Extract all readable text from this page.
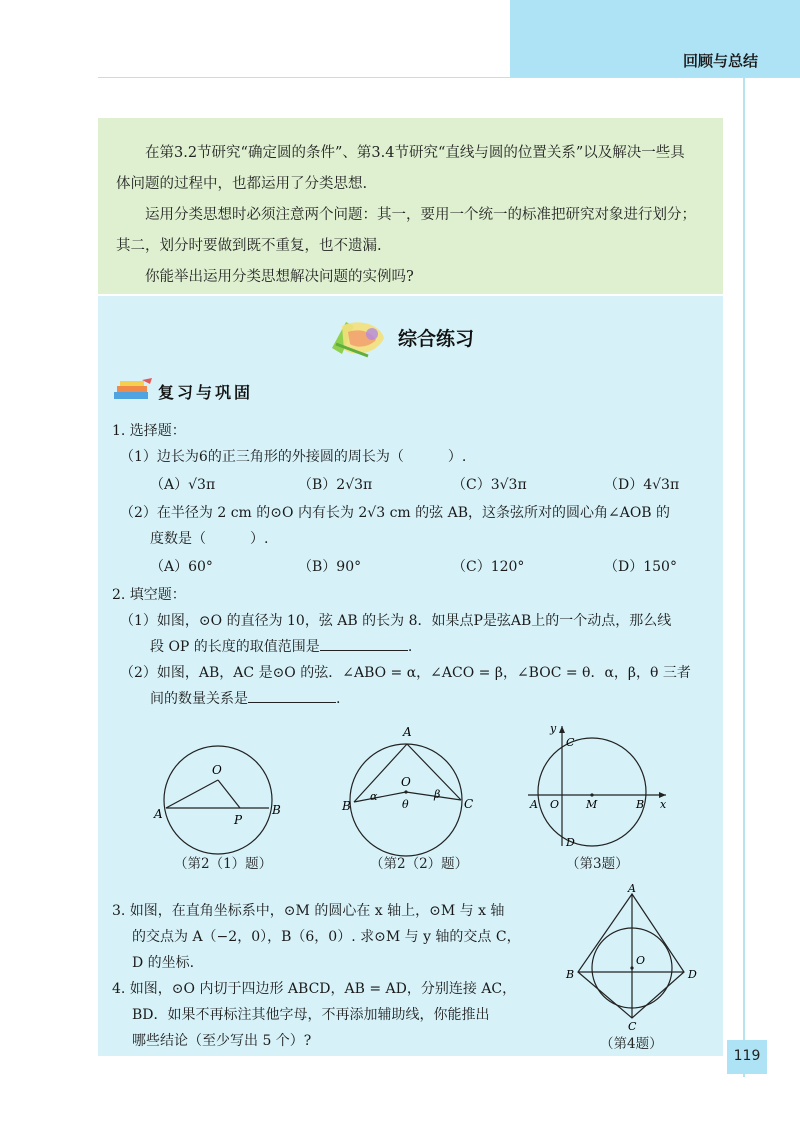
回顾与总结

在第3.2节研究“确定圆的条件”、第3.4节研究“直线与圆的位置关系”以及解决一些具体问题的过程中，也都运用了分类思想.

运用分类思想时必须注意两个问题：其一，要用一个统一的标准把研究对象进行划分；其二，划分时要做到既不重复，也不遗漏.

你能举出运用分类思想解决问题的实例吗?

综合练习
复习与巩固
1. 选择题：
（1）边长为6的正三角形的外接圆的周长为（	）.
（A）√3π	（B）2√3π	（C）3√3π	（D）4√3π
（2）在半径为 2 cm 的⊙O 内有长为 2√3 cm 的弦 AB，这条弦所对的圆心角∠AOB 的
度数是（	）.
（A）60°	（B）90°	（C）120°	（D）150°
2. 填空题：
（1）如图，⊙O 的直径为 10，弦 AB 的长为 8．如果点P是弦AB上的一个动点，那么线
段 OP 的长度的取值范围是	.
（2）如图，AB，AC 是⊙O 的弦．∠ABO = α，∠ACO = β，∠BOC = θ．α，β，θ 三者
间的数量关系是	.
O
A	B
P
（第2（1）题）
A
B	C
O
α	β
θ
（第2（2）题）
y
x
C
D
A O M	B
（第3题）
3. 如图，在直角坐标系中，⊙M 的圆心在 x 轴上，⊙M 与 x 轴
的交点为 A（−2，0），B（6，0）. 求⊙M 与 y 轴的交点 C，
D 的坐标.
4. 如图，⊙O 内切于四边形 ABCD，AB = AD，分别连接 AC，
BD．如果不再标注其他字母，不再添加辅助线，你能推出
哪些结论（至少写出 5 个）?
A
B
C
D
O
（第4题）
119
